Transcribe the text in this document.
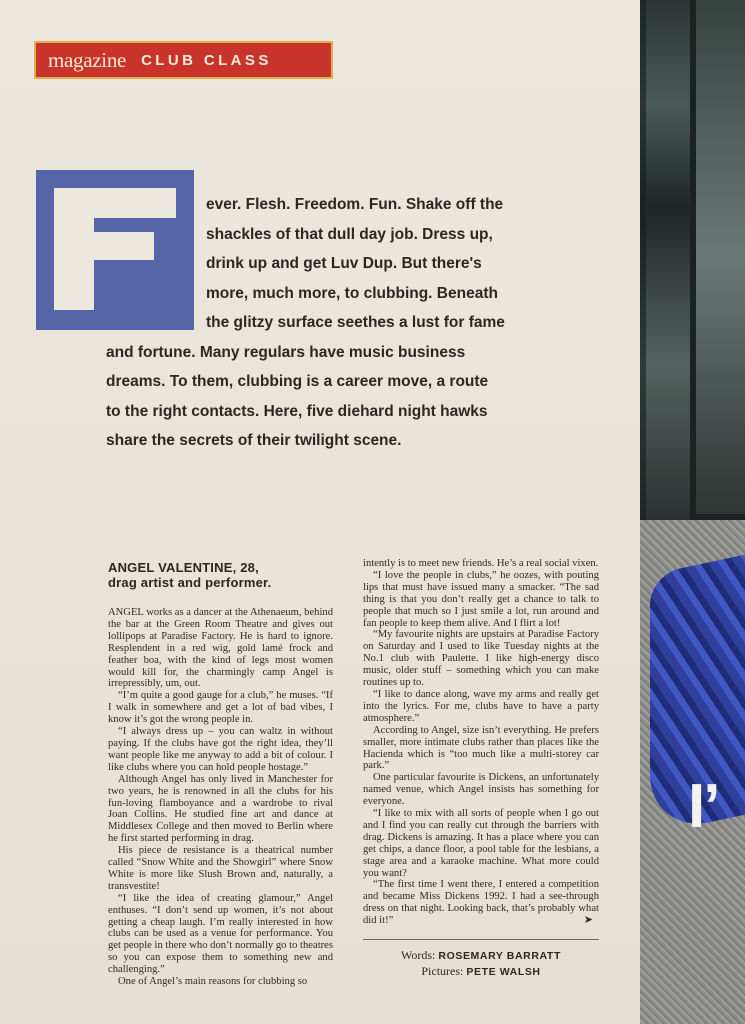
I’
magazine CLUB CLASS
ever. Flesh. Freedom. Fun. Shake off the
shackles of that dull day job. Dress up,
drink up and get Luv Dup. But there's
more, much more, to clubbing. Beneath
the glitzy surface seethes a lust for fame
and fortune. Many regulars have music business
dreams. To them, clubbing is a career move, a route
to the right contacts. Here, five diehard night hawks
share the secrets of their twilight scene.
ANGEL VALENTINE, 28,
drag artist and performer.

ANGEL works as a dancer at the Athenaeum, behind the bar at the Green Room Theatre and gives out lollipops at Paradise Factory. He is hard to ignore. Resplendent in a red wig, gold lamé frock and feather boa, with the kind of legs most women would kill for, the charmingly camp Angel is irrepressibly, um, out.

“I’m quite a good gauge for a club,” he muses. “If I walk in somewhere and get a lot of bad vibes, I know it’s got the wrong people in.

“I always dress up – you can waltz in without paying. If the clubs have got the right idea, they’ll want people like me anyway to add a bit of colour. I like clubs where you can hold people hostage.”

Although Angel has only lived in Manchester for two years, he is renowned in all the clubs for his fun-loving flamboyance and a wardrobe to rival Joan Collins. He studied fine art and dance at Middlesex College and then moved to Berlin where he first started performing in drag.

His piece de resistance is a theatrical number called “Snow White and the Showgirl” where Snow White is more like Slush Brown and, naturally, a transvestite!

“I like the idea of creating glamour,” Angel enthuses. “I don’t send up women, it’s not about getting a cheap laugh. I’m really interested in how clubs can be used as a venue for performance. You get people in there who don’t normally go to theatres so you can expose them to something new and challenging.”

One of Angel’s main reasons for clubbing so

intently is to meet new friends. He’s a real social vixen.

“I love the people in clubs,” he oozes, with pouting lips that must have issued many a smacker. “The sad thing is that you don’t really get a chance to talk to people that much so I just smile a lot, run around and fan people to keep them alive. And I flirt a lot!

“My favourite nights are upstairs at Paradise Factory on Saturday and I used to like Tuesday nights at the No.1 club with Paulette. I like high-energy disco music, older stuff – something which you can make routines up to.

“I like to dance along, wave my arms and really get into the lyrics. For me, clubs have to have a party atmosphere.”

According to Angel, size isn’t everything. He prefers smaller, more intimate clubs rather than places like the Hacienda which is “too much like a multi-storey car park.”

One particular favourite is Dickens, an unfortunately named venue, which Angel insists has something for everyone.

“I like to mix with all sorts of people when I go out and I find you can really cut through the barriers with drag. Dickens is amazing. It has a place where you can get chips, a dance floor, a pool table for the lesbians, a stage area and a karaoke machine. What more could you want?

“The first time I went there, I entered a competition and became Miss Dickens 1992. I had a see-through dress on that night. Looking back, that’s probably what did it!”	➤

Words: ROSEMARY BARRATT
Pictures: PETE WALSH
